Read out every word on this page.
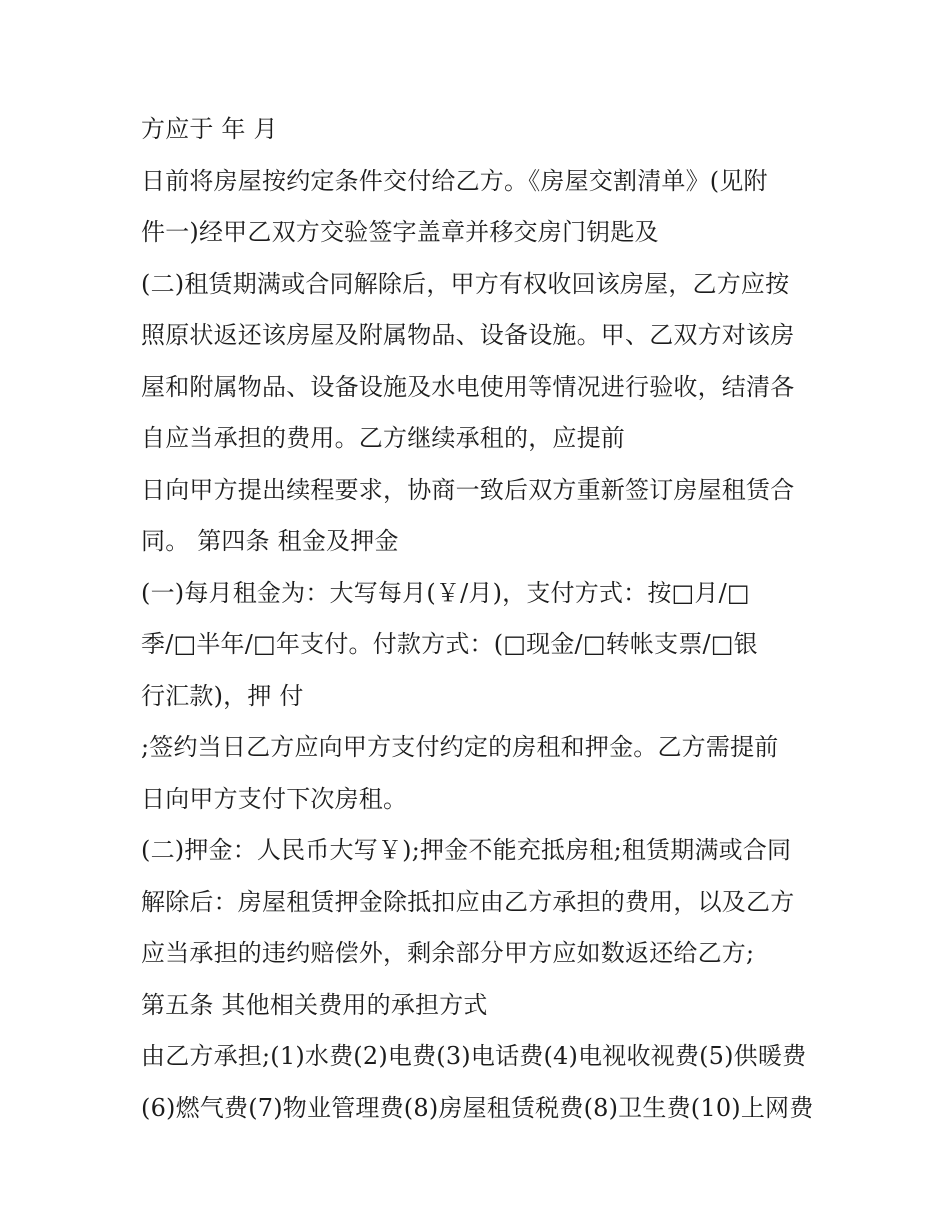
方应于 年 月
日前将房屋按约定条件交付给乙方。《房屋交割清单》(见附
件一)经甲乙双方交验签字盖章并移交房门钥匙及
(二)租赁期满或合同解除后，甲方有权收回该房屋，乙方应按
照原状返还该房屋及附属物品、设备设施。甲、乙双方对该房
屋和附属物品、设备设施及水电使用等情况进行验收，结清各
自应当承担的费用。乙方继续承租的，应提前
日向甲方提出续程要求，协商一致后双方重新签订房屋租赁合
同。 第四条 租金及押金
(一)每月租金为：大写每月(￥/月)，支付方式：按□月/□
季/□半年/□年支付。付款方式：(□现金/□转帐支票/□银
行汇款)，押 付
;签约当日乙方应向甲方支付约定的房租和押金。乙方需提前
日向甲方支付下次房租。
(二)押金：人民币大写￥);押金不能充抵房租;租赁期满或合同
解除后：房屋租赁押金除抵扣应由乙方承担的费用，以及乙方
应当承担的违约赔偿外，剩余部分甲方应如数返还给乙方;
第五条 其他相关费用的承担方式
由乙方承担;(1)水费(2)电费(3)电话费(4)电视收视费(5)供暖费
(6)燃气费(7)物业管理费(8)房屋租赁税费(8)卫生费(10)上网费
